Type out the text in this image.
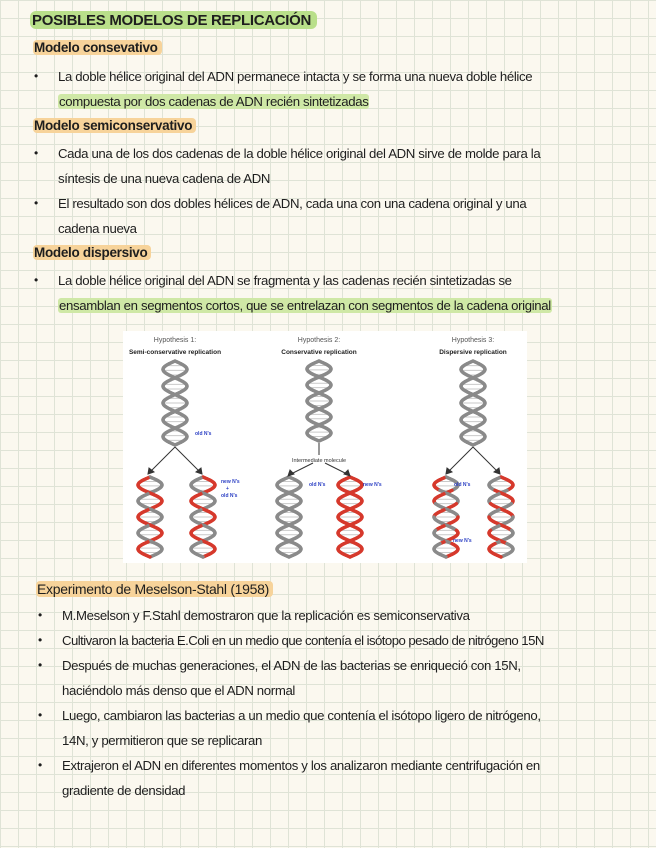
POSIBLES MODELOS DE REPLICACIÓN
Modelo consevativo
• La doble hélice original del ADN permanece intacta y se forma una nueva doble hélice
compuesta por dos cadenas de ADN recién sintetizadas
Modelo semiconservativo
• Cada una de los dos cadenas de la doble hélice original del ADN sirve de molde para la
síntesis de una nueva cadena de ADN
• El resultado son dos dobles hélices de ADN, cada una con una cadena original y una
cadena nueva
Modelo dispersivo
• La doble hélice original del ADN se fragmenta y las cadenas recién sintetizadas se
ensamblan en segmentos cortos, que se entrelazan con segmentos de la cadena original
Hypothesis 1:
Semi-conservative replication
Hypothesis 2:
Conservative replication
Hypothesis 3:
Dispersive replication
Intermediate molecule
old N's
new N's
+
old N's
old N's	new N's	old N's
new N's
Experimento de Meselson-Stahl (1958)
• M.Meselson y F.Stahl demostraron que la replicación es semiconservativa
• Cultivaron la bacteria E.Coli en un medio que contenía el isótopo pesado de nitrógeno 15N
• Después de muchas generaciones, el ADN de las bacterias se enriqueció con 15N,
haciéndolo más denso que el ADN normal
• Luego, cambiaron las bacterias a un medio que contenía el isótopo ligero de nitrógeno,
14N, y permitieron que se replicaran
• Extrajeron el ADN en diferentes momentos y los analizaron mediante centrifugación en
gradiente de densidad
